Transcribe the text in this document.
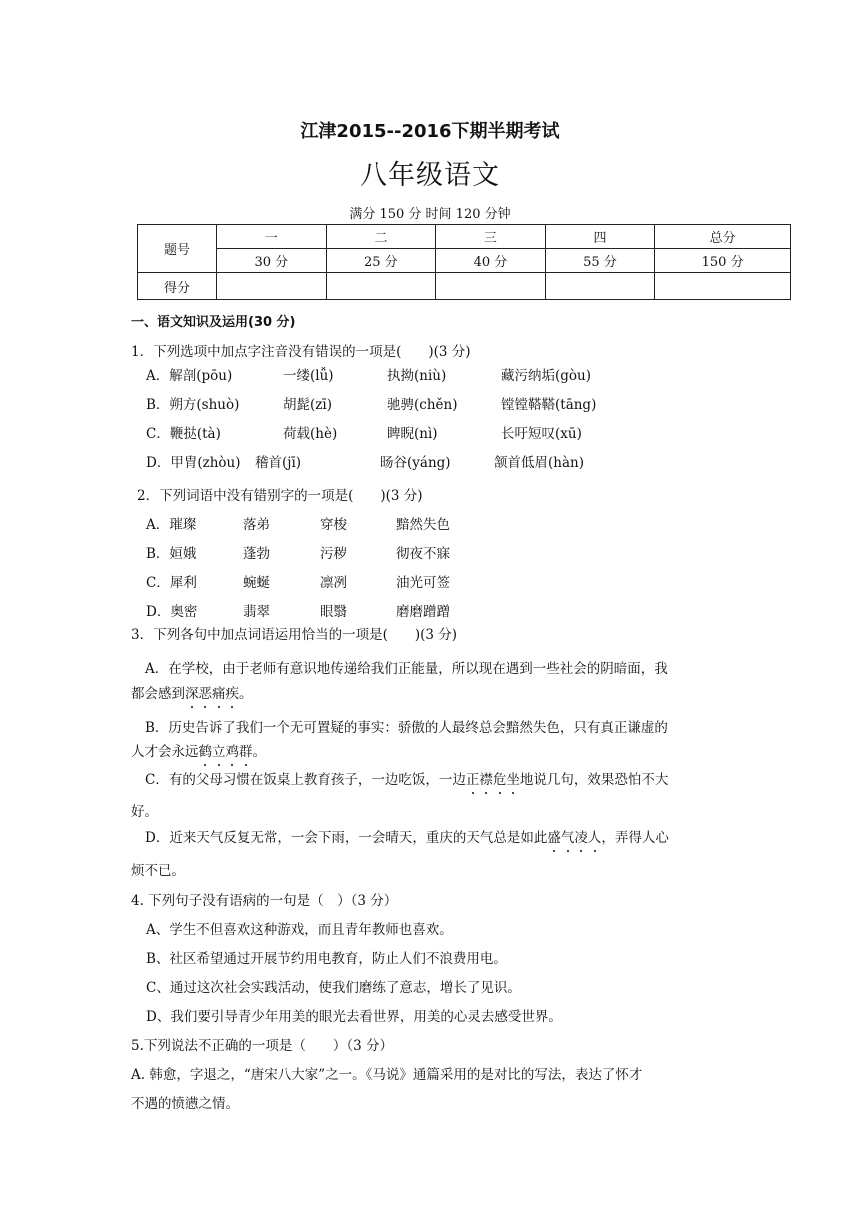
江津2015--2016下期半期考试
八年级语文
满分 150 分 时间 120 分钟
题号	一	二	三	四	总分
	30 分	25 分	40 分	55 分	150 分
得分					
一、语文知识及运用(30 分)
1．下列选项中加点字注音没有错误的一项是(　　)(3 分)
A．解剖(pōu)	一缕(lǚ)	执拗(niù)	藏污纳垢(gòu)
B．朔方(shuò)	胡髭(zī)	驰骋(chěn)	镗镗鞳鞳(tāng)
C．鞭挞(tà)	荷载(hè)	睥睨(nì)	长吁短叹(xū)
D．甲胄(zhòu) 稽首(jī)	旸谷(yáng)	颔首低眉(hàn)
2．下列词语中没有错别字的一项是(　　)(3 分)
A．璀璨	落弟	穿梭	黯然失色
B．姮娥	蓬勃	污秽	彻夜不寐
C．犀利	蜿蜒	凛冽	油光可签
D．奥密	翡翠	眼翳	磨磨蹭蹭
3．下列各句中加点词语运用恰当的一项是(　　)(3 分)
A．在学校，由于老师有意识地传递给我们正能量，所以现在遇到一些社会的阴暗面，我
都会感到深恶痛疾。
B．历史告诉了我们一个无可置疑的事实：骄傲的人最终总会黯然失色，只有真正谦虚的
人才会永远鹤立鸡群。
C．有的父母习惯在饭桌上教育孩子，一边吃饭，一边正襟危坐地说几句，效果恐怕不大
好。
D．近来天气反复无常，一会下雨，一会晴天，重庆的天气总是如此盛气凌人，弄得人心
烦不已。
4. 下列句子没有语病的一句是（　）（3 分）
A、学生不但喜欢这种游戏，而且青年教师也喜欢。
B、社区希望通过开展节约用电教育，防止人们不浪费用电。
C、通过这次社会实践活动，使我们磨练了意志，增长了见识。
D、我们要引导青少年用美的眼光去看世界，用美的心灵去感受世界。
5.下列说法不正确的一项是（　　）（3 分）
A. 韩愈，字退之，“唐宋八大家”之一。《马说》通篇采用的是对比的写法，表达了怀才
不遇的愤懑之情。
